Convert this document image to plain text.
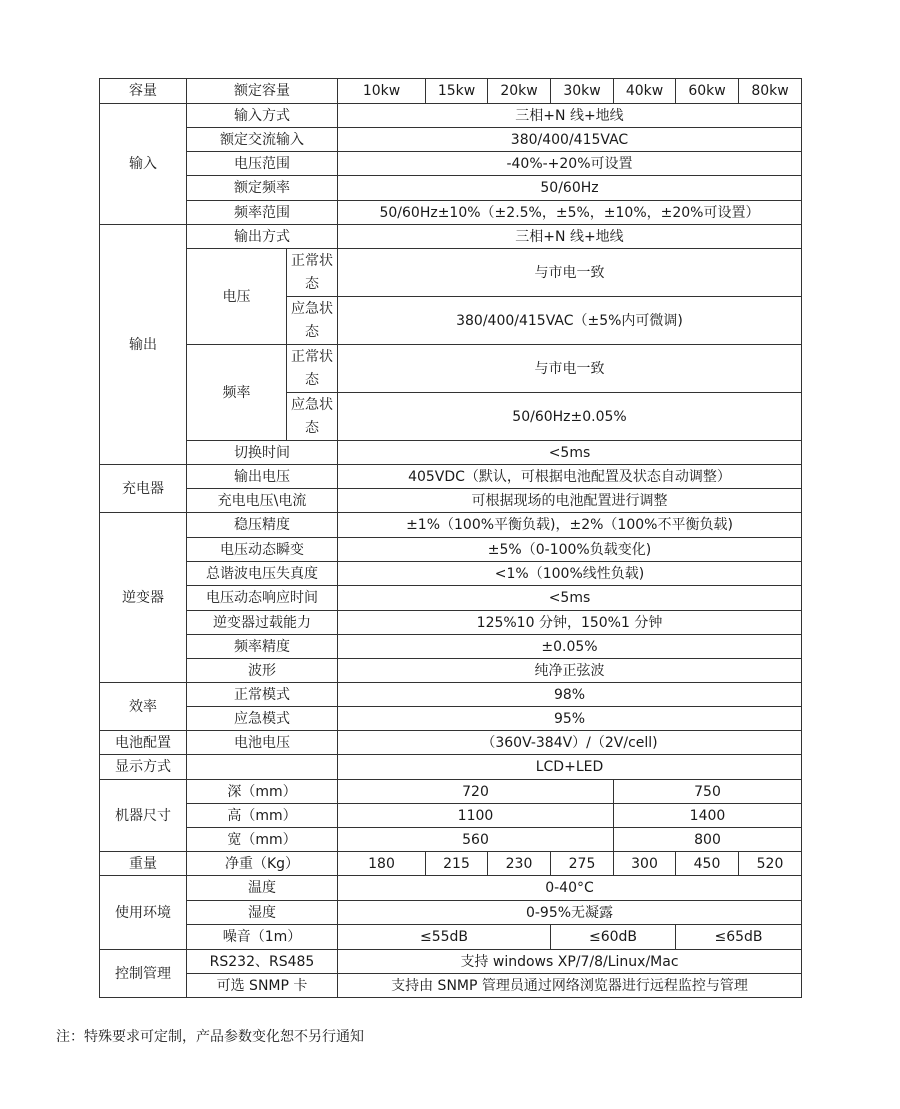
容量	额定容量		10kw	15kw	20kw	30kw	40kw	60kw	80kw
输入	输入方式		三相+N 线+地线						
	额定交流输入		380/400/415VAC						
	电压范围		-40%-+20%可设置						
	额定频率		50/60Hz						
	频率范围		50/60Hz±10%（±2.5%，±5%，±10%，±20%可设置）						
输出	输出方式		三相+N 线+地线						
	电压	正常状态	与市电一致						
		应急状态	380/400/415VAC（±5%内可微调)						
	频率	正常状态	与市电一致						
		应急状态	50/60Hz±0.05%						
	切换时间		<5ms						
充电器	输出电压		405VDC（默认，可根据电池配置及状态自动调整）						
	充电电压\电流		可根据现场的电池配置进行调整						
逆变器	稳压精度		±1%（100%平衡负载)，±2%（100%不平衡负载)						
	电压动态瞬变		±5%（0-100%负载变化)						
	总谐波电压失真度		<1%（100%线性负载)						
	电压动态响应时间		<5ms						
	逆变器过载能力		125%10 分钟，150%1 分钟						
	频率精度		±0.05%						
	波形		纯净正弦波						
效率	正常模式		98%						
	应急模式		95%						
电池配置	电池电压		（360V-384V）/（2V/cell)						
显示方式			LCD+LED						
机器尺寸	深（mm）		720				750		
	高（mm）		1100				1400		
	宽（mm）		560				800		
重量	净重（Kg）		180	215	230	275	300	450	520
使用环境	温度		0-40°C						
	湿度		0-95%无凝露						
	噪音（1m）		≤55dB			≤60dB		≤65dB	
控制管理	RS232、RS485		支持 windows XP/7/8/Linux/Mac						
	可选 SNMP 卡		支持由 SNMP 管理员通过网络浏览器进行远程监控与管理						
注：特殊要求可定制，产品参数变化恕不另行通知
